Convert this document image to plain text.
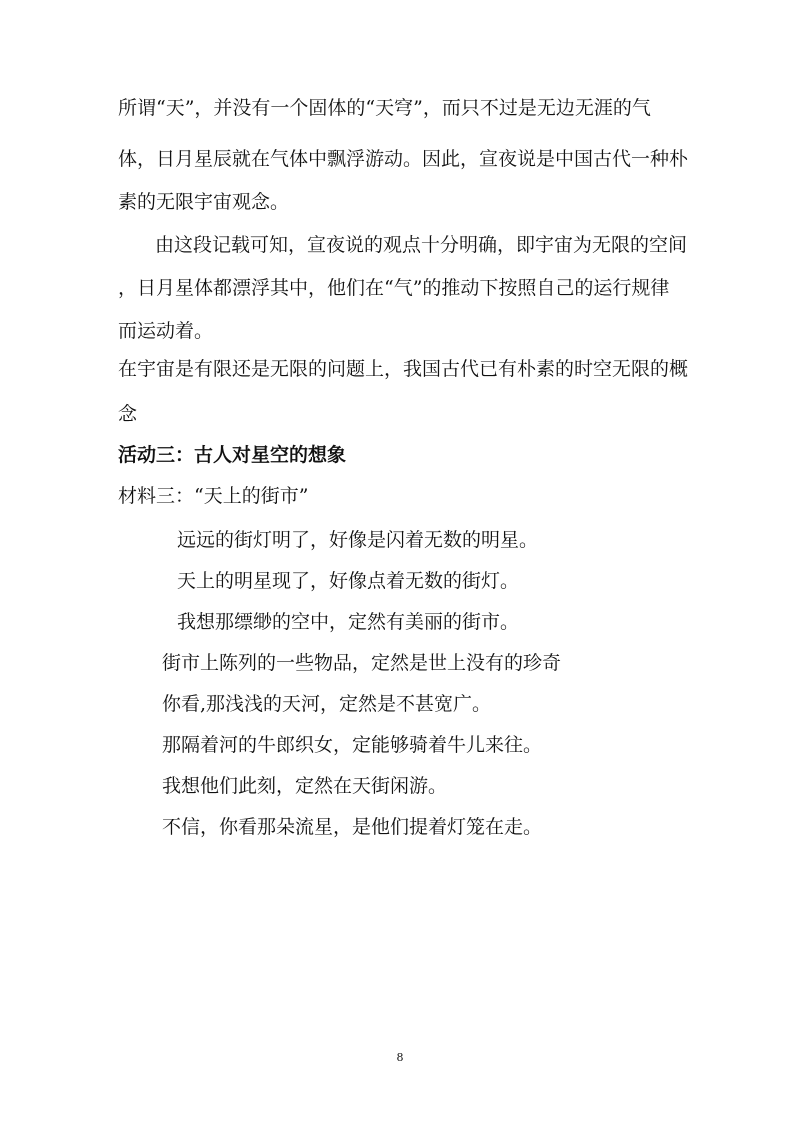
所谓“天”，并没有一个固体的“天穹”，而只不过是无边无涯的气
体，日月星辰就在气体中飘浮游动。因此，宣夜说是中国古代一种朴
素的无限宇宙观念。
由这段记载可知，宣夜说的观点十分明确，即宇宙为无限的空间
，日月星体都漂浮其中，他们在“气”的推动下按照自己的运行规律
而运动着。
在宇宙是有限还是无限的问题上，我国古代已有朴素的时空无限的概
念
活动三：古人对星空的想象
材料三：“天上的街市”
远远的街灯明了，好像是闪着无数的明星。
天上的明星现了，好像点着无数的街灯。
我想那缥缈的空中，定然有美丽的街市。
街市上陈列的一些物品，定然是世上没有的珍奇
你看,那浅浅的天河，定然是不甚宽广。
那隔着河的牛郎织女，定能够骑着牛儿来往。
我想他们此刻，定然在天街闲游。
不信，你看那朵流星，是他们提着灯笼在走。
8
